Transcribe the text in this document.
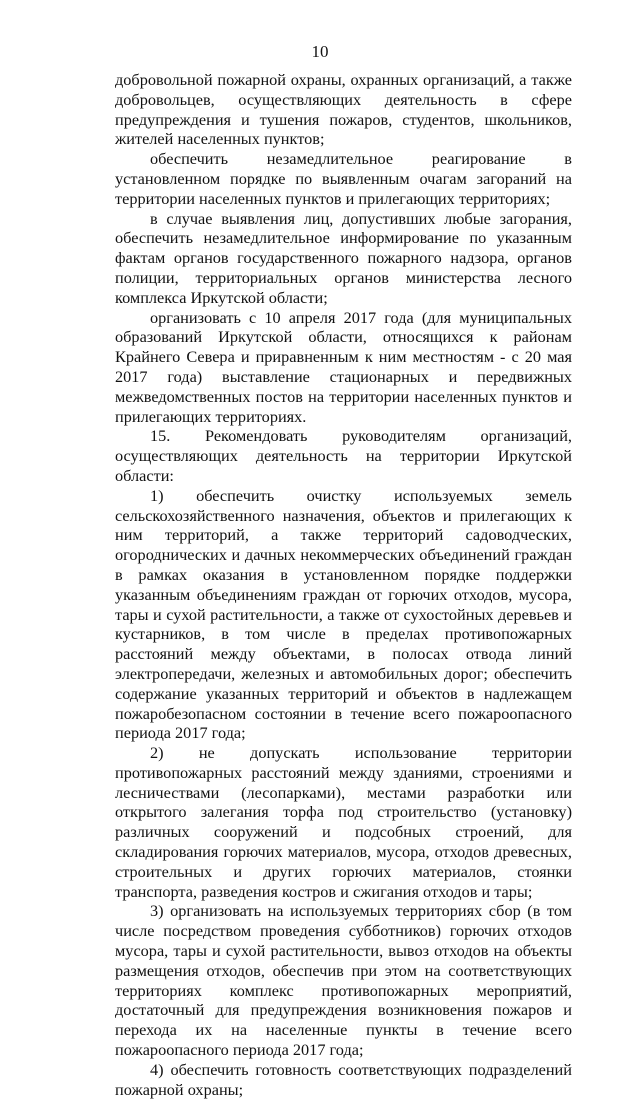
10

добровольной пожарной охраны, охранных организаций, а также добровольцев, осуществляющих деятельность в сфере предупреждения и тушения пожаров, студентов, школьников, жителей населенных пунктов;

обеспечить незамедлительное реагирование в установленном порядке по выявленным очагам загораний на территории населенных пунктов и прилегающих территориях;

в случае выявления лиц, допустивших любые загорания, обеспечить незамедлительное информирование по указанным фактам органов государственного пожарного надзора, органов полиции, территориальных органов министерства лесного комплекса Иркутской области;

организовать с 10 апреля 2017 года (для муниципальных образований Иркутской области, относящихся к районам Крайнего Севера и приравненным к ним местностям - с 20 мая 2017 года) выставление стационарных и передвижных межведомственных постов на территории населенных пунктов и прилегающих территориях.

15. Рекомендовать руководителям организаций, осуществляющих деятельность на территории Иркутской области:

1) обеспечить очистку используемых земель сельскохозяйственного назначения, объектов и прилегающих к ним территорий, а также территорий садоводческих, огороднических и дачных некоммерческих объединений граждан в рамках оказания в установленном порядке поддержки указанным объединениям граждан от горючих отходов, мусора, тары и сухой растительности, а также от сухостойных деревьев и кустарников, в том числе в пределах противопожарных расстояний между объектами, в полосах отвода линий электропередачи, железных и автомобильных дорог; обеспечить содержание указанных территорий и объектов в надлежащем пожаробезопасном состоянии в течение всего пожароопасного периода 2017 года;

2) не допускать использование территории противопожарных расстояний между зданиями, строениями и лесничествами (лесопарками), местами разработки или открытого залегания торфа под строительство (установку) различных сооружений и подсобных строений, для складирования горючих материалов, мусора, отходов древесных, строительных и других горючих материалов, стоянки транспорта, разведения костров и сжигания отходов и тары;

3) организовать на используемых территориях сбор (в том числе посредством проведения субботников) горючих отходов мусора, тары и сухой растительности, вывоз отходов на объекты размещения отходов, обеспечив при этом на соответствующих территориях комплекс противопожарных мероприятий, достаточный для предупреждения возникновения пожаров и перехода их на населенные пункты в течение всего пожароопасного периода 2017 года;

4) обеспечить готовность соответствующих подразделений пожарной охраны;
